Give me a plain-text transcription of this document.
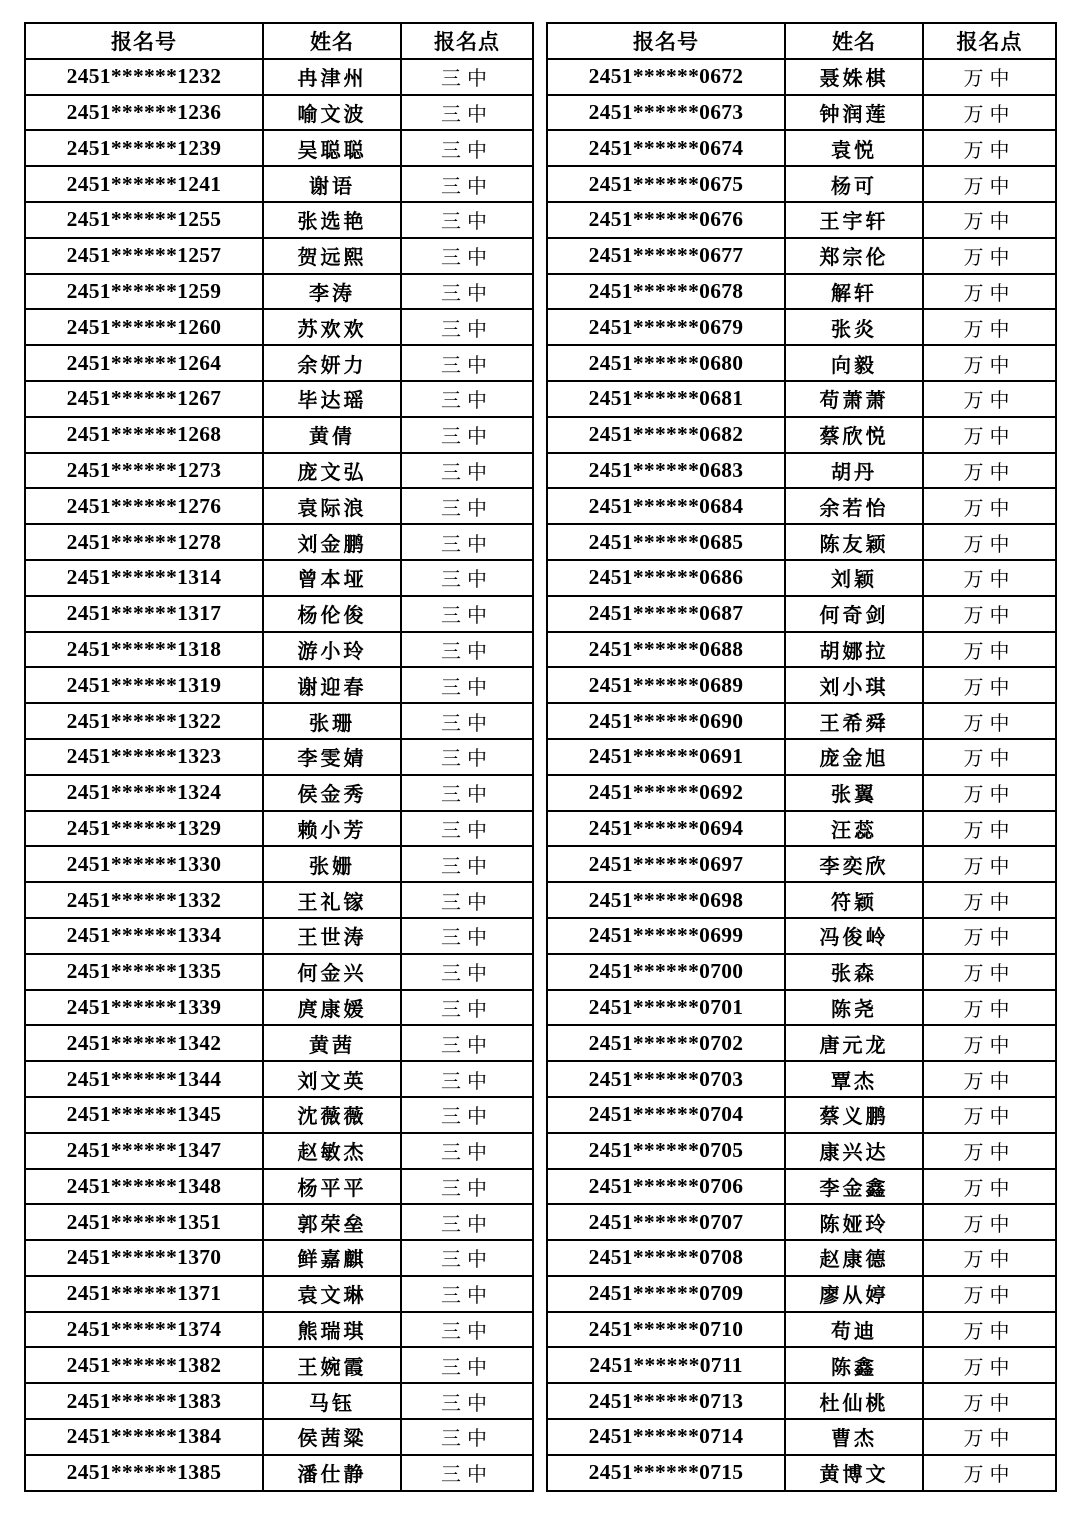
报名号	姓名	报名点
2451******1232	冉津州	三中
2451******1236	喻文波	三中
2451******1239	吴聪聪	三中
2451******1241	谢语	三中
2451******1255	张选艳	三中
2451******1257	贺远熙	三中
2451******1259	李涛	三中
2451******1260	苏欢欢	三中
2451******1264	余妍力	三中
2451******1267	毕达瑶	三中
2451******1268	黄倩	三中
2451******1273	庞文弘	三中
2451******1276	袁际浪	三中
2451******1278	刘金鹏	三中
2451******1314	曾本垭	三中
2451******1317	杨伦俊	三中
2451******1318	游小玲	三中
2451******1319	谢迎春	三中
2451******1322	张珊	三中
2451******1323	李雯婧	三中
2451******1324	侯金秀	三中
2451******1329	赖小芳	三中
2451******1330	张姗	三中
2451******1332	王礼镓	三中
2451******1334	王世涛	三中
2451******1335	何金兴	三中
2451******1339	庹康媛	三中
2451******1342	黄茜	三中
2451******1344	刘文英	三中
2451******1345	沈薇薇	三中
2451******1347	赵敏杰	三中
2451******1348	杨平平	三中
2451******1351	郭荣垒	三中
2451******1370	鲜嘉麒	三中
2451******1371	袁文琳	三中
2451******1374	熊瑞琪	三中
2451******1382	王婉霞	三中
2451******1383	马钰	三中
2451******1384	侯茜粱	三中
2451******1385	潘仕静	三中
报名号	姓名	报名点
2451******0672	聂姝棋	万中
2451******0673	钟润莲	万中
2451******0674	袁悦	万中
2451******0675	杨可	万中
2451******0676	王宇轩	万中
2451******0677	郑宗伦	万中
2451******0678	解轩	万中
2451******0679	张炎	万中
2451******0680	向毅	万中
2451******0681	苟萧萧	万中
2451******0682	蔡欣悦	万中
2451******0683	胡丹	万中
2451******0684	余若怡	万中
2451******0685	陈友颖	万中
2451******0686	刘颖	万中
2451******0687	何奇剑	万中
2451******0688	胡娜拉	万中
2451******0689	刘小琪	万中
2451******0690	王希舜	万中
2451******0691	庞金旭	万中
2451******0692	张翼	万中
2451******0694	汪蕊	万中
2451******0697	李奕欣	万中
2451******0698	符颖	万中
2451******0699	冯俊岭	万中
2451******0700	张森	万中
2451******0701	陈尧	万中
2451******0702	唐元龙	万中
2451******0703	覃杰	万中
2451******0704	蔡义鹏	万中
2451******0705	康兴达	万中
2451******0706	李金鑫	万中
2451******0707	陈娅玲	万中
2451******0708	赵康德	万中
2451******0709	廖从婷	万中
2451******0710	苟迪	万中
2451******0711	陈鑫	万中
2451******0713	杜仙桃	万中
2451******0714	曹杰	万中
2451******0715	黄博文	万中
